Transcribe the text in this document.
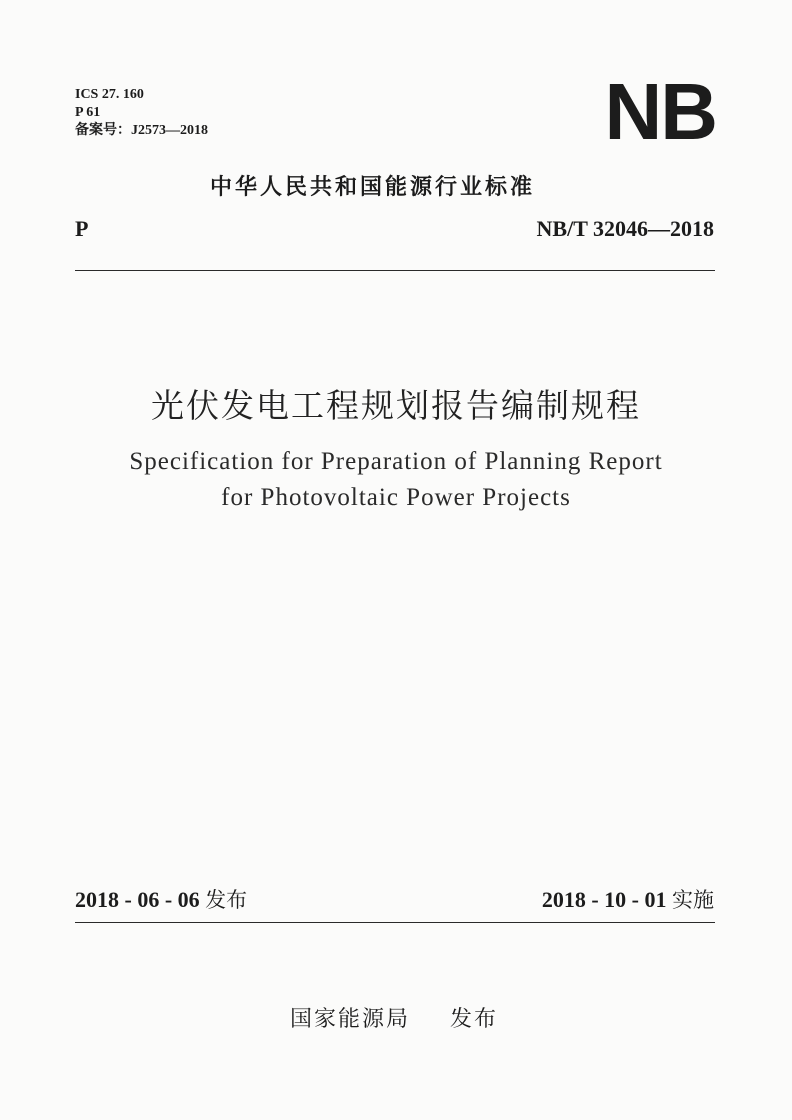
ICS 27. 160
P 61
备案号：J2573—2018	NB
中华人民共和国能源行业标准
P	NB/T 32046—2018
光伏发电工程规划报告编制规程
Specification for Preparation of Planning Report
for Photovoltaic Power Projects
2018 - 06 - 06 发布	2018 - 10 - 01 实施
国家能源局 发布
